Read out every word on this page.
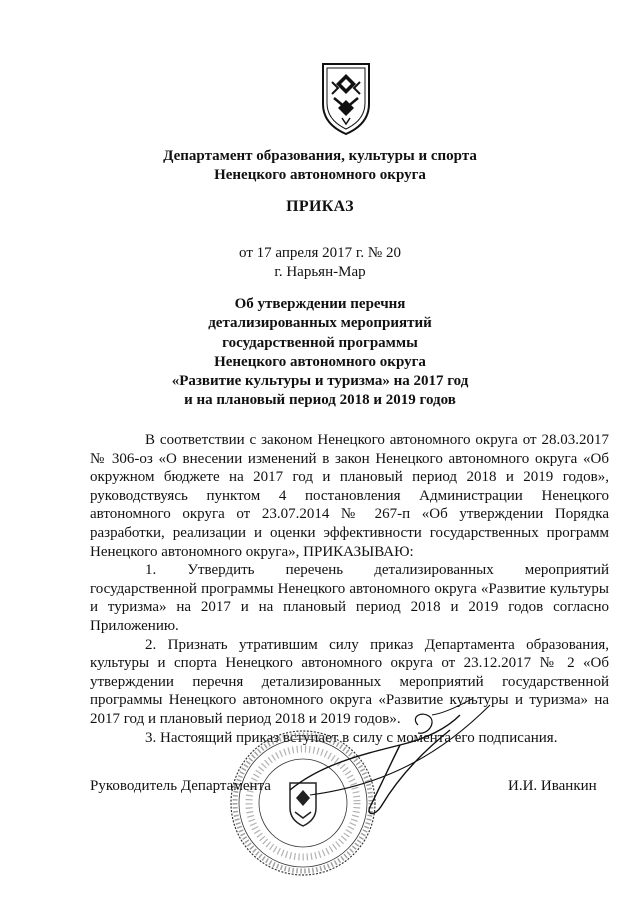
Департамент образования, культуры и спорта
Ненецкого автономного округа
ПРИКАЗ
от 17 апреля 2017 г. № 20
г. Нарьян-Мар
Об утверждении перечня
детализированных мероприятий
государственной программы
Ненецкого автономного округа
«Развитие культуры и туризма» на 2017 год
и на плановый период 2018 и 2019 годов

В соответствии с законом Ненецкого автономного округа от 28.03.2017 № 306-оз «О внесении изменений в закон Ненецкого автономного округа «Об окружном бюджете на 2017 год и плановый период 2018 и 2019 годов», руководствуясь пунктом 4 постановления Администрации Ненецкого автономного округа от 23.07.2014 № 267-п «Об утверждении Порядка разработки, реализации и оценки эффективности государственных программ Ненецкого автономного округа», ПРИКАЗЫВАЮ:

1. Утвердить перечень детализированных мероприятий государственной программы Ненецкого автономного округа «Развитие культуры и туризма» на 2017 и на плановый период 2018 и 2019 годов согласно Приложению.

2. Признать утратившим силу приказ Департамента образования, культуры и спорта Ненецкого автономного округа от 23.12.2017 № 2 «Об утверждении перечня детализированных мероприятий государственной программы Ненецкого автономного округа «Развитие культуры и туризма» на 2017 год и плановый период 2018 и 2019 годов».

3. Настоящий приказ вступает в силу с момента его подписания.

Руководитель Департамента	И.И. Иванкин
